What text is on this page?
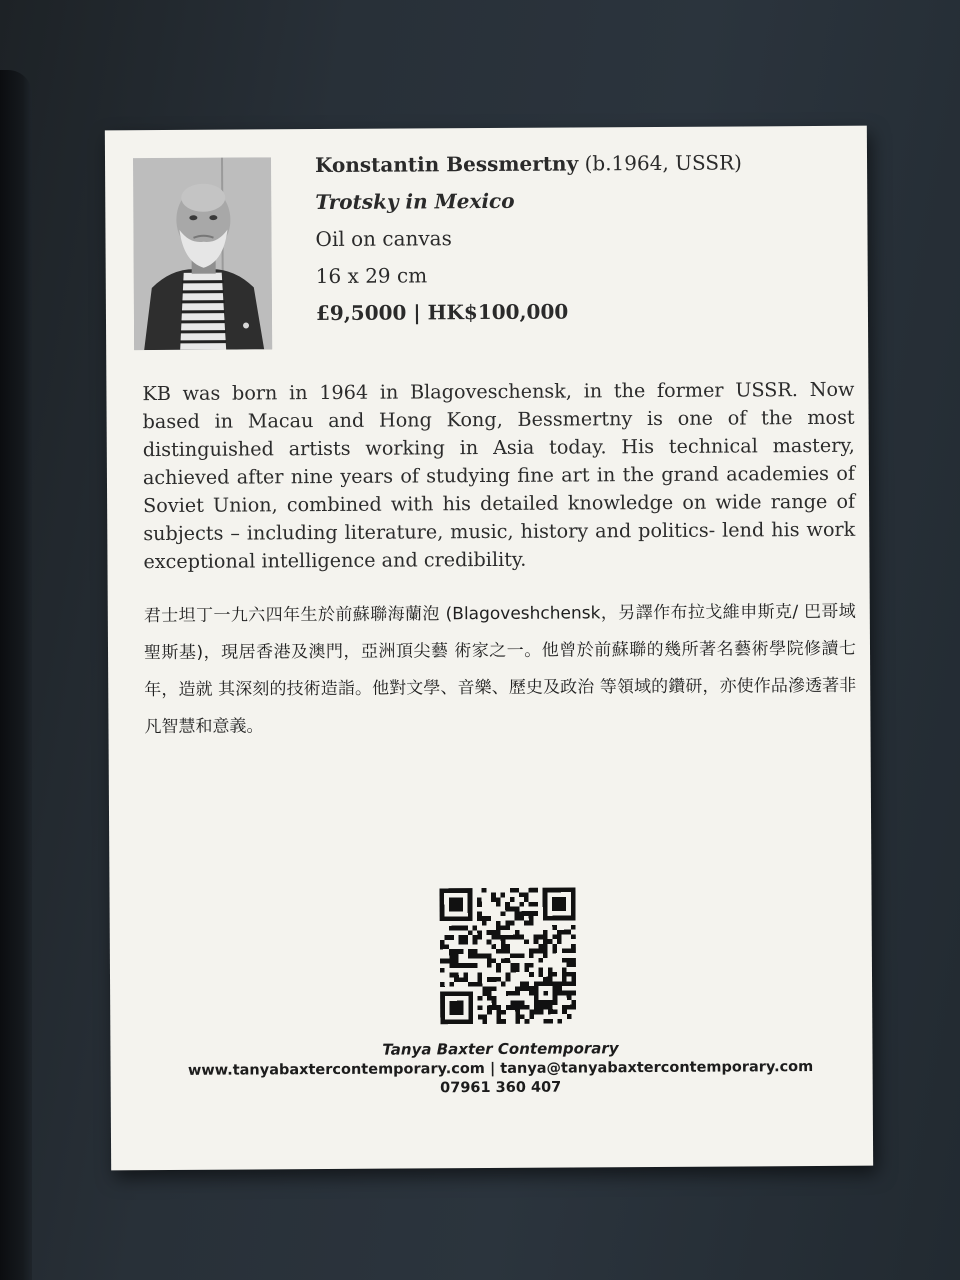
Konstantin Bessmertny (b.1964, USSR)
Trotsky in Mexico
Oil on canvas
16 x 29 cm
£9,5000 | HK$100,000
KB was born in 1964 in Blagoveschensk, in the former USSR. Now based in Macau and Hong Kong, Bessmertny is one of the most distinguished artists working in Asia today. His technical mastery, achieved after nine years of studying fine art in the grand academies of Soviet Union, combined with his detailed knowledge on wide range of subjects – including literature, music, history and politics- lend his work exceptional intelligence and credibility.
君士坦丁一九六四年生於前蘇聯海蘭泡 (Blagoveshchensk，另譯作布拉戈維申斯克/ 巴哥域聖斯基)，現居香港及澳門，亞洲頂尖藝 術家之一。他曾於前蘇聯的幾所著名藝術學院修讀七年，造就 其深刻的技術造詣。他對文學、音樂、歷史及政治 等領域的鑽研，亦使作品滲透著非凡智慧和意義。
Tanya Baxter Contemporary
www.tanyabaxtercontemporary.com | tanya@tanyabaxtercontemporary.com
07961 360 407
